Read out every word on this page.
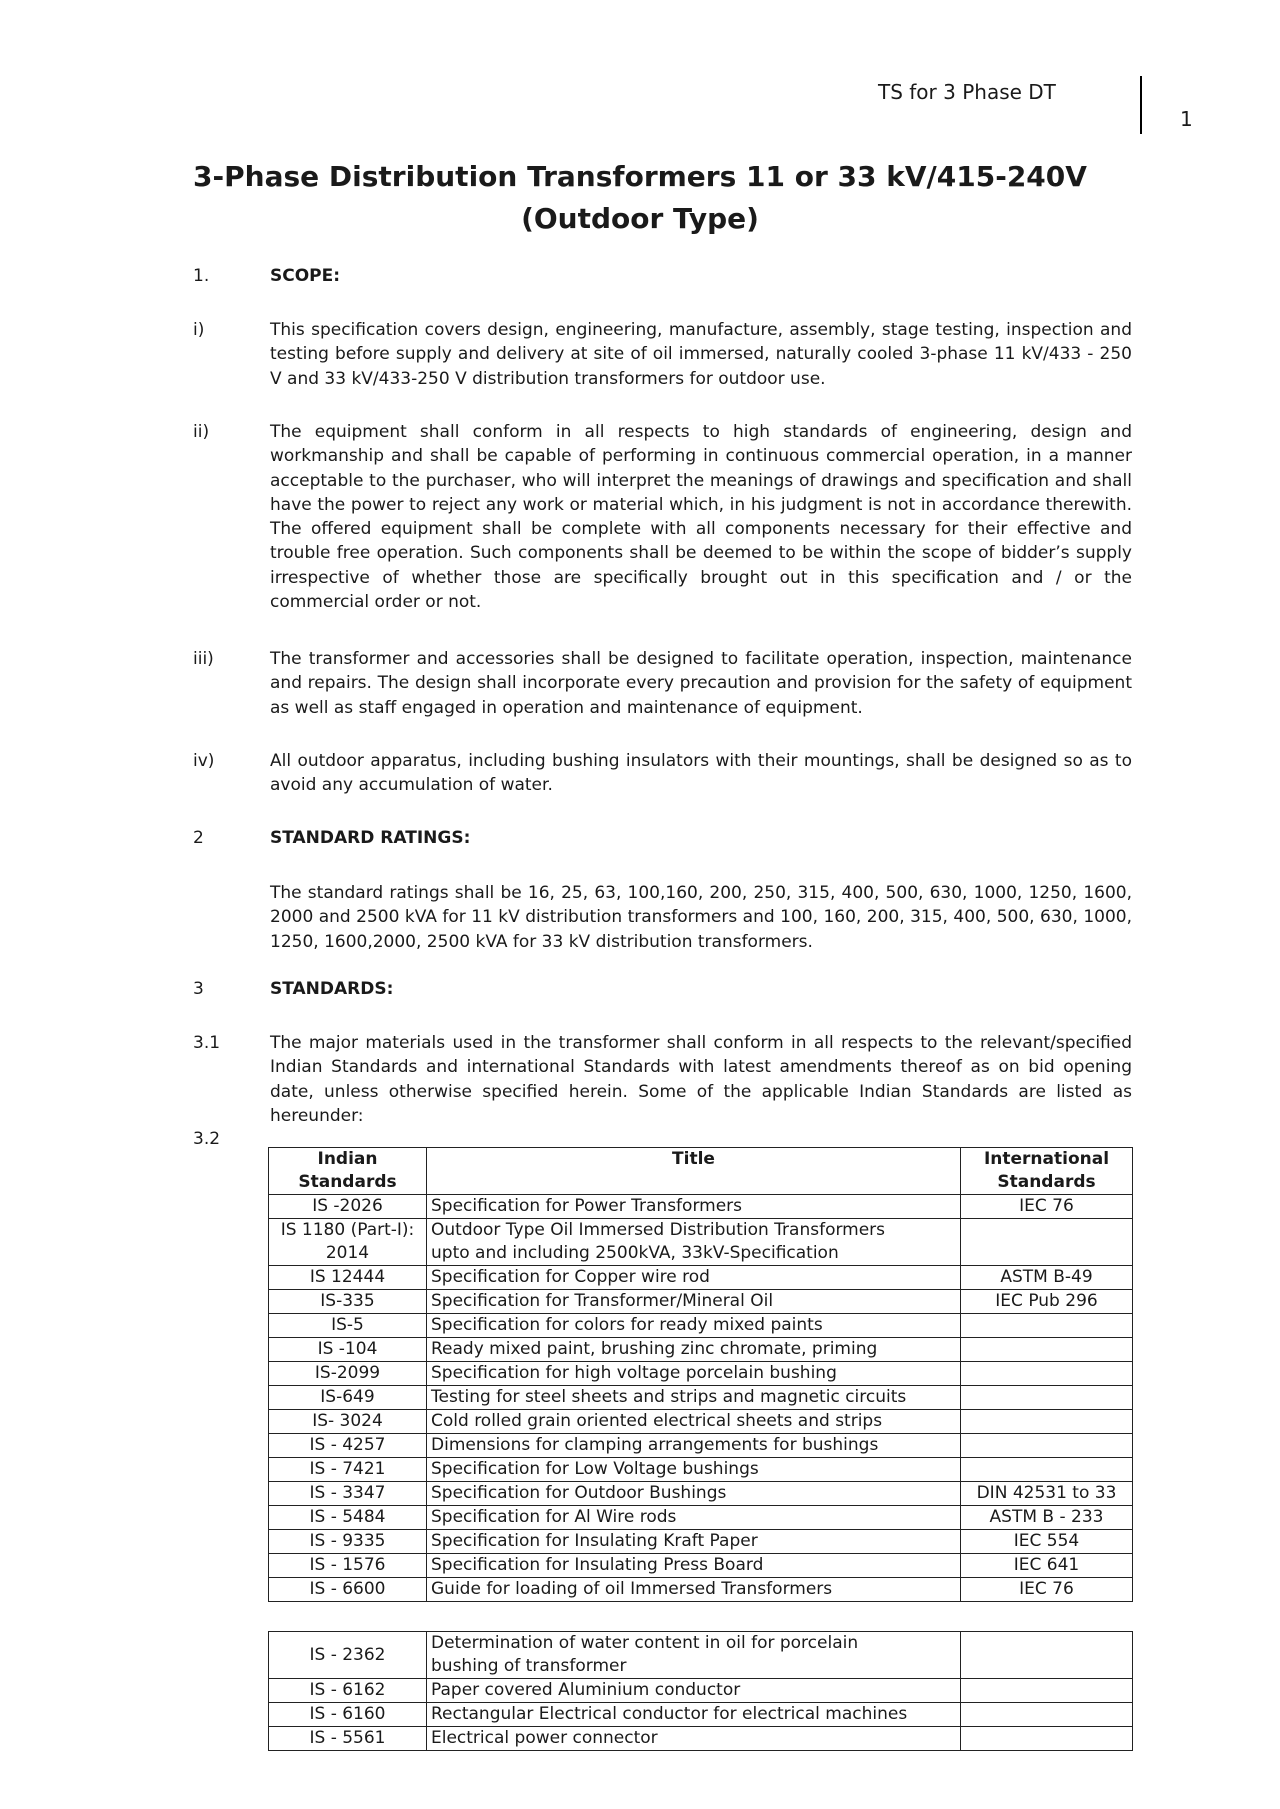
TS for 3 Phase DT
1
3-Phase Distribution Transformers 11 or 33 kV/415-240V
(Outdoor Type)
1.	SCOPE:
i)	This specification covers design, engineering, manufacture, assembly, stage testing, inspection and testing before supply and delivery at site of oil immersed, naturally cooled 3-phase 11 kV/433 - 250 V and 33 kV/433-250 V distribution transformers for outdoor use.
ii)	The equipment shall conform in all respects to high standards of engineering, design and workmanship and shall be capable of performing in continuous commercial operation, in a manner acceptable to the purchaser, who will interpret the meanings of drawings and specification and shall have the power to reject any work or material which, in his judgment is not in accordance therewith. The offered equipment shall be complete with all components necessary for their effective and trouble free operation. Such components shall be deemed to be within the scope of bidder’s supply irrespective of whether those are specifically brought out in this specification and / or the commercial order or not.
iii)	The transformer and accessories shall be designed to facilitate operation, inspection, maintenance and repairs. The design shall incorporate every precaution and provision for the safety of equipment as well as staff engaged in operation and maintenance of equipment.
iv)	All outdoor apparatus, including bushing insulators with their mountings, shall be designed so as to avoid any accumulation of water.
2	STANDARD RATINGS:
The standard ratings shall be 16, 25, 63, 100,160, 200, 250, 315, 400, 500, 630, 1000, 1250, 1600, 2000 and 2500 kVA for 11 kV distribution transformers and 100, 160, 200, 315, 400, 500, 630, 1000, 1250, 1600,2000, 2500 kVA for 33 kV distribution transformers.
3	STANDARDS:
3.1	The major materials used in the transformer shall conform in all respects to the relevant/specified Indian Standards and international Standards with latest amendments thereof as on bid opening date, unless otherwise specified herein. Some of the applicable Indian Standards are listed as hereunder:
3.2
Indian
Standards	Title	International
Standards
IS -2026	Specification for Power Transformers	IEC 76
IS 1180 (Part-I):
2014	Outdoor Type Oil Immersed Distribution Transformers
upto and including 2500kVA, 33kV-Specification	
IS 12444	Specification for Copper wire rod	ASTM B-49
IS-335	Specification for Transformer/Mineral Oil	IEC Pub 296
IS-5	Specification for colors for ready mixed paints	
IS -104	Ready mixed paint, brushing zinc chromate, priming	
IS-2099	Specification for high voltage porcelain bushing	
IS-649	Testing for steel sheets and strips and magnetic circuits	
IS- 3024	Cold rolled grain oriented electrical sheets and strips	
IS - 4257	Dimensions for clamping arrangements for bushings	
IS - 7421	Specification for Low Voltage bushings	
IS - 3347	Specification for Outdoor Bushings	DIN 42531 to 33
IS - 5484	Specification for Al Wire rods	ASTM B - 233
IS - 9335	Specification for Insulating Kraft Paper	IEC 554
IS - 1576	Specification for Insulating Press Board	IEC 641
IS - 6600	Guide for loading of oil Immersed Transformers	IEC 76
IS - 2362	Determination of water content in oil for porcelain
bushing of transformer	
IS - 6162	Paper covered Aluminium conductor	
IS - 6160	Rectangular Electrical conductor for electrical machines	
IS - 5561	Electrical power connector	
